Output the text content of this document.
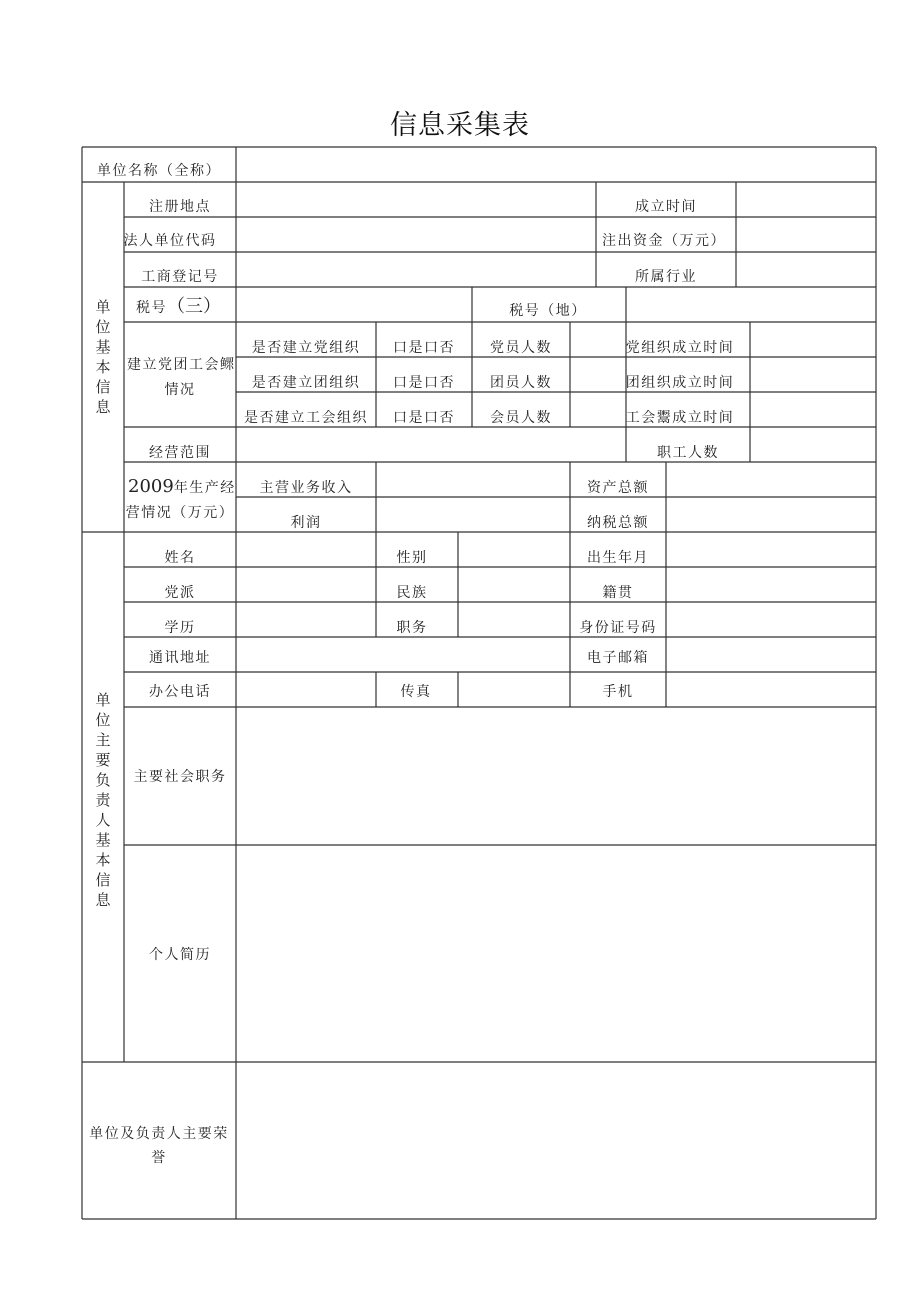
信息采集表
单位名称（全称）
单位基本信息
注册地点	成立时间
法人单位代码	注出资金（万元）
工商登记号	所属行业
税号（三）	税号（地）
建立党团工会鳏
情况
是否建立党组织 口是口否	党员人数	党组织成立时间
是否建立团组织 口是口否	团员人数	团组织成立时间
是否建立工会组织 口是口否	会员人数	工会鬻成立时间
经营范围	职工人数
2009年生产经
营情况（万元）
主营业务收入	资产总额
利润	纳税总额
单位主要负责人基本信息
姓名	性别	出生年月
党派	民族	籍贯
学历	职务	身份证号码
通讯地址	电子邮箱
办公电话	传真	手机
主要社会职务
个人简历
单位及负责人主要荣誉
